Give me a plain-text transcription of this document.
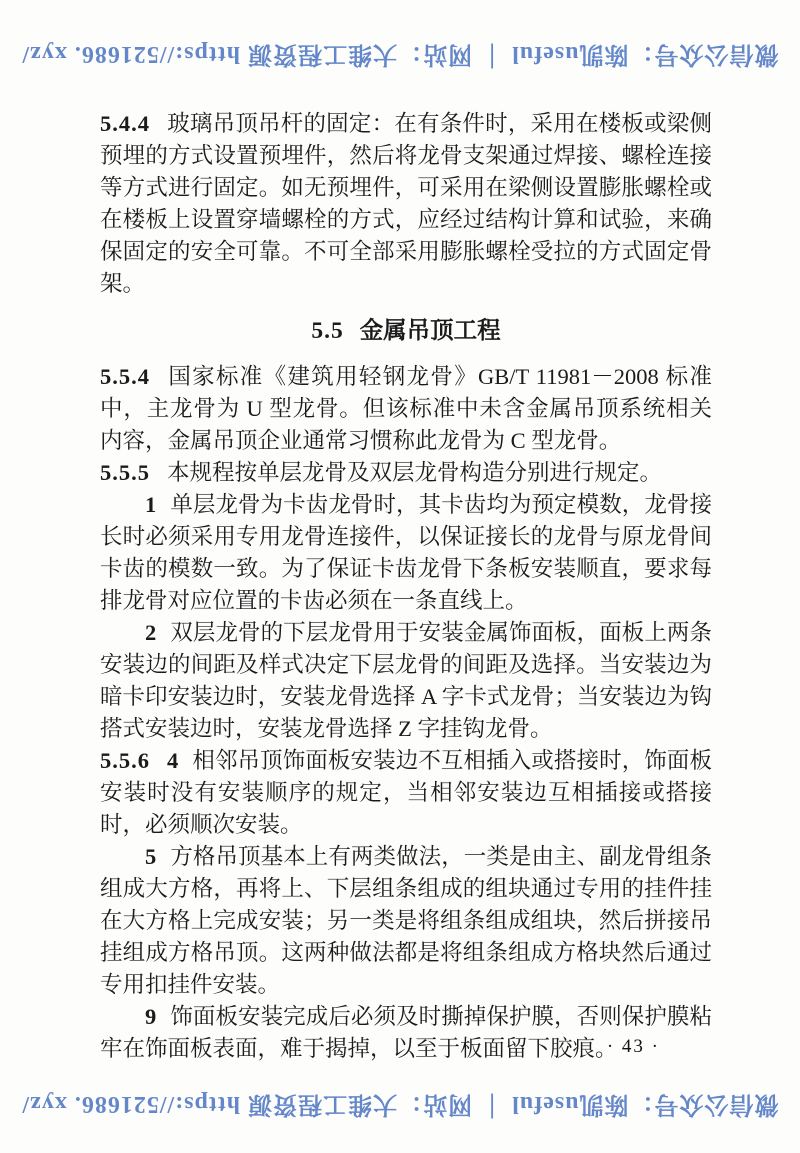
微信公众号：陈凯useful ｜ 网站：大维工程资源 https://521686. xyz/

5.4.4 玻璃吊顶吊杆的固定：在有条件时，采用在楼板或梁侧预埋的方式设置预埋件，然后将龙骨支架通过焊接、螺栓连接等方式进行固定。如无预埋件，可采用在梁侧设置膨胀螺栓或在楼板上设置穿墙螺栓的方式，应经过结构计算和试验，来确保固定的安全可靠。不可全部采用膨胀螺栓受拉的方式固定骨架。

5.5 金属吊顶工程

5.5.4 国家标准《建筑用轻钢龙骨》GB/T 11981－2008 标准中，主龙骨为 U 型龙骨。但该标准中未含金属吊顶系统相关内容，金属吊顶企业通常习惯称此龙骨为 C 型龙骨。

5.5.5 本规程按单层龙骨及双层龙骨构造分别进行规定。

1 单层龙骨为卡齿龙骨时，其卡齿均为预定模数，龙骨接长时必须采用专用龙骨连接件，以保证接长的龙骨与原龙骨间卡齿的模数一致。为了保证卡齿龙骨下条板安装顺直，要求每排龙骨对应位置的卡齿必须在一条直线上。

2 双层龙骨的下层龙骨用于安装金属饰面板，面板上两条安装边的间距及样式决定下层龙骨的间距及选择。当安装边为暗卡印安装边时，安装龙骨选择 A 字卡式龙骨；当安装边为钩搭式安装边时，安装龙骨选择 Z 字挂钩龙骨。

5.5.6 4 相邻吊顶饰面板安装边不互相插入或搭接时，饰面板安装时没有安装顺序的规定，当相邻安装边互相插接或搭接时，必须顺次安装。

5 方格吊顶基本上有两类做法，一类是由主、副龙骨组条组成大方格，再将上、下层组条组成的组块通过专用的挂件挂在大方格上完成安装；另一类是将组条组成组块，然后拼接吊挂组成方格吊顶。这两种做法都是将组条组成方格块然后通过专用扣挂件安装。

9 饰面板安装完成后必须及时撕掉保护膜，否则保护膜粘牢在饰面板表面，难于揭掉，以至于板面留下胶痕。

· 43 ·
微信公众号：陈凯useful ｜ 网站：大维工程资源 https://521686. xyz/
